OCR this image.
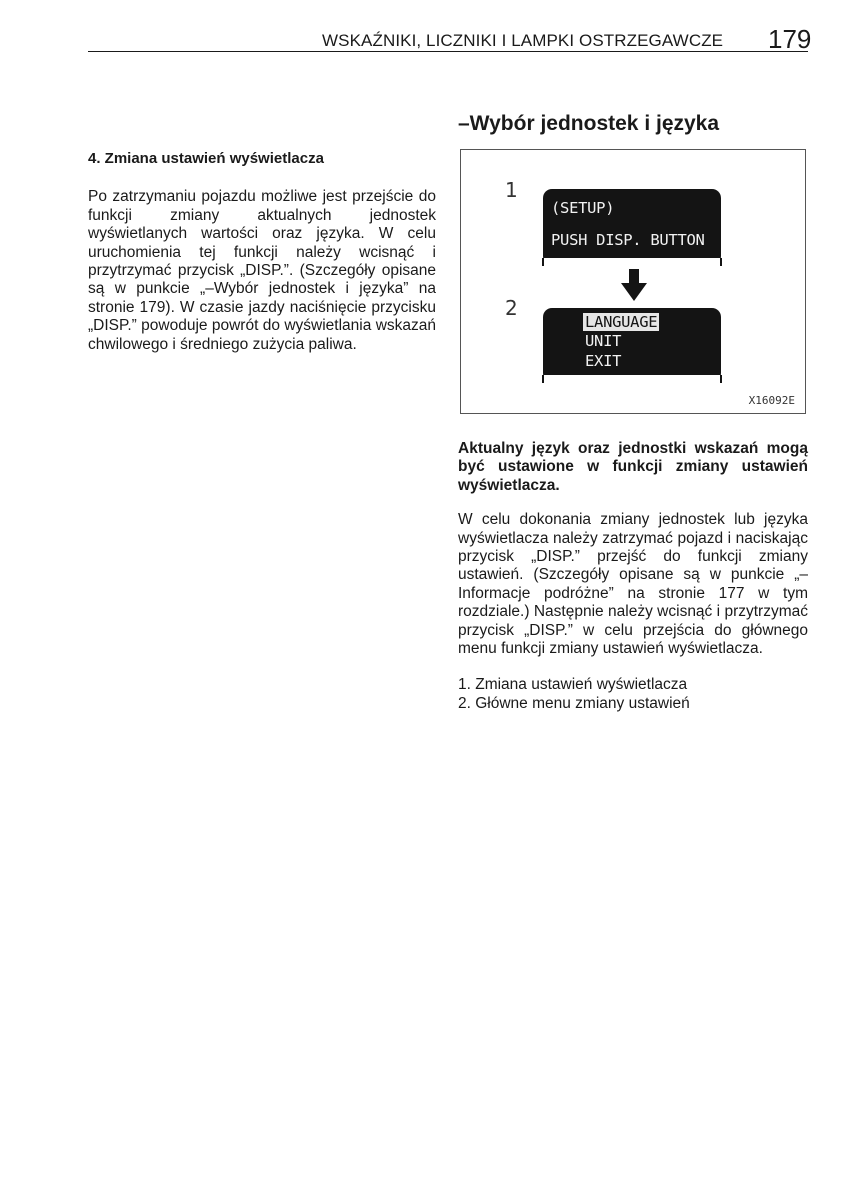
WSKAŹNIKI, LICZNIKI I LAMPKI OSTRZEGAWCZE 179

4. Zmiana ustawień wyświetlacza

Po zatrzymaniu pojazdu możliwe jest przejście do funkcji zmiany aktualnych jednostek wyświetlanych wartości oraz języka. W celu uruchomienia tej funkcji należy wcisnąć i przytrzymać przycisk „DISP.”. (Szczegóły opisane są w punkcie „–Wybór jednostek i języka” na stronie 179). W czasie jazdy naciśnięcie przycisku „DISP.” powoduje powrót do wyświetlania wskazań chwilowego i średniego zużycia paliwa.

–Wybór jednostek i języka
1
(SETUP)
PUSH DISP. BUTTON
2
LANGUAGE
UNIT
EXIT
X16092E

Aktualny język oraz jednostki wskazań mogą być ustawione w funkcji zmiany ustawień wyświetlacza.

W celu dokonania zmiany jednostek lub języka wyświetlacza należy zatrzymać pojazd i naciskając przycisk „DISP.” przejść do funkcji zmiany ustawień. (Szczegóły opisane są w punkcie „–Informacje podróżne” na stronie 177 w tym rozdziale.) Następnie należy wcisnąć i przytrzymać przycisk „DISP.” w celu przejścia do głównego menu funkcji zmiany ustawień wyświetlacza.

1. Zmiana ustawień wyświetlacza
2. Główne menu zmiany ustawień
